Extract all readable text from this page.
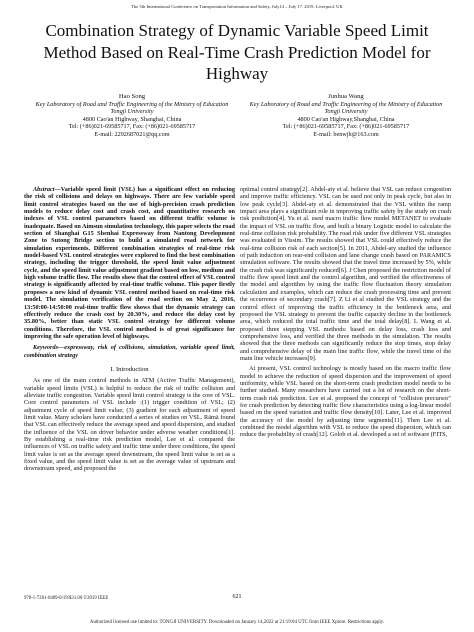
The 5th International Conference on Transportation Information and Safety, July14 – July 17, 2019, Liverpool, UK
Combination Strategy of Dynamic Variable Speed Limit Method Based on Real-Time Crash Prediction Model for Highway
Hao Song
Key Laboratory of Road and Traffic Engineering of the Ministry of Education
Tongji University
4800 Cao'an Highway, Shanghai, China
Tel: (+86)021-69585717, Fax: (+86)021-69585717
E-mail: 2292687021@qq.com
Junhua Wang
Key Laboratory of Road and Traffic Engineering of the Ministry of Education
Tongji University
4800 Cao'an Highway,Shanghai, China
Tel: (+86)021-69585717, Fax: (+86)021-69585717
E-mail: benwjh@163.com

Abstract—Variable speed limit (VSL) has a significant effect on reducing the risk of collisions and delays on highways. There are few variable speed limit control strategies based on the use of high-precision crash prediction models to reduce delay cost and crash cost, and quantitative research on indexes of VSL control parameters based on different traffic volume is inadequate. Based on Aimsun simulation technology, this paper selects the road section of Shanghai G15 Shenhai Expressway from Nantong Development Zone to Sutong Bridge section to build a simulated road network for simulation experiments. Different combination strategies of real-time risk model-based VSL control strategies were explored to find the best combination strategy, including the trigger threshold, the speed limit value adjustment cycle, and the speed limit value adjustment gradient based on low, medium and high volume traffic flow. The results show that the control effect of VSL control strategy is significantly affected by real-time traffic volume. This paper firstly proposes a new kind of dynamic VSL control method based on real-time risk model. The simulation verification of the road section on May 2, 2016, 13:50:00-14:50:00 real-time traffic flow shows that the dynamic strategy can effectively reduce the crash cost by 20.30%, and reduce the delay cost by 35.80%, better than static VSL control strategy for different volume conditions. Therefore, the VSL control method is of great significance for improving the safe operation level of highways.

Keywords—expressway, risk of collisions, simulation, variable speed limit, combination strategy

I. Introduction

As one of the main control methods in ATM (Active Traffic Management), variable speed limits (VSL) is helpful to reduce the risk of traffic collision and alleviate traffic congestion. Variable speed limit control strategy is the core of VSL. Core control parameters of VSL include :(1) trigger condition of VSL; (2) adjustment cycle of speed limit value; (3) gradient for each adjustment of speed limit value. Many scholars have conducted a series of studies on VSL. Rämä found that VSL can effectively reduce the average speed and speed dispersion, and studied the influence of the VSL on driver behavior under adverse weather conditions[1]. By establishing a real-time risk prediction model, Lee et al. compared the influences of VSL on traffic safety and traffic time under three conditions, the speed limit value is set as the average speed downstream, the speed limit value is set as a fixed value, and the speed limit value is set as the average value of upstream and downstream speed, and proposed the

optimal control strategy[2]. Abdel-aty et al. believe that VSL can reduce congestion and improve traffic efficiency. VSL can be used not only in peak cycle, but also in low peak cycle[3]. Abdel-aty et al. demonstrated that the VSL within the ramp impact area plays a significant role in improving traffic safety by the study on crash risk prediction[4]. Yu et al. used macro traffic flow model METANET to evaluate the impact of VSL on traffic flow, and built a binary Logistic model to calculate the real-time collision risk probability. The road risk under five different VSL strategies was evaluated in Vissim. The results showed that VSL could effectively reduce the real-time collision risk of each section[5]. In 2011, Abdel-aty studied the influence of path induction on rear-end collision and lane change crash based on PARAMICS simulation software. The results showed that the travel time increased by 5%, while the crash risk was significantly reduced[6]. J Chen proposed the restriction model of traffic flow speed limit and the control algorithm, and verified the effectiveness of the model and algorithm by using the traffic flow fluctuation theory simulation calculation and examples, which can reduce the crash processing time and prevent the occurrence of secondary crash[7]. Z Li et al studied the VSL strategy and the control effect of improving the traffic efficiency in the bottleneck area, and proposed the VSL strategy to prevent the traffic capacity decline in the bottleneck area, which reduced the total traffic time and the total delay[8]. L Wang et al. proposed three stepping VSL methods: based on delay loss, crash loss and comprehensive loss, and verified the three methods in the simulation. The results showed that the three methods can significantly reduce the stop times, stop delay and comprehensive delay of the main line traffic flow, while the travel time of the main line vehicle increases[9].

At present, VSL control technology is mostly based on the macro traffic flow model to achieve the reduction of speed dispersion and the improvement of speed uniformity, while VSL based on the short-term crash prediction model needs to be further studied. Many researchers have carried out a lot of research on the short-term crash risk prediction. Lee et al. proposed the concept of "collision precursor" for crash prediction by detecting traffic flow characteristics using a log-linear model based on the speed variation and traffic flow density[10]. Later, Lee et al. improved the accuracy of the model by adjusting time segments[11]. Then Lee et al. combined the model algorithm with VSL to reduce the speed dispersion, which can reduce the probability of crash[12]. Golob et al. developed a set of software (FITS,

978-1-7281-0489-0/19/$31.00 ©2019 IEEE	621
Authorized licensed use limited to: TONGJI UNIVERSITY. Downloaded on January 14,2022 at 21:19:04 UTC from IEEE Xplore. Restrictions apply.
